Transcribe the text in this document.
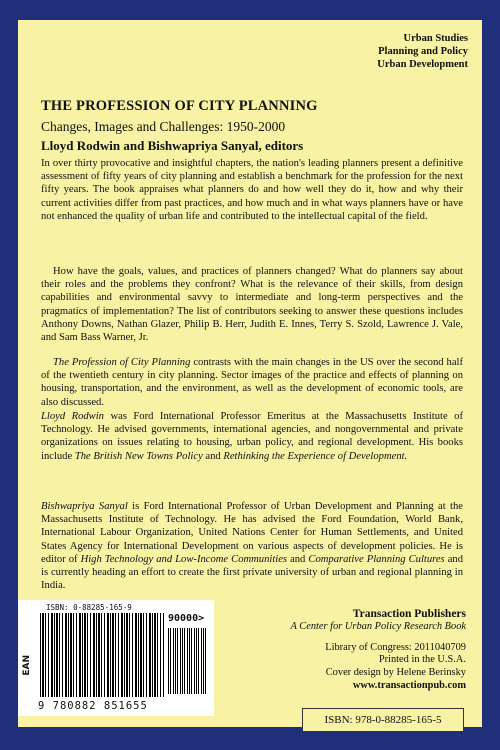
Urban Studies
Planning and Policy
Urban Development
THE PROFESSION OF CITY PLANNING
Changes, Images and Challenges: 1950-2000
Lloyd Rodwin and Bishwapriya Sanyal, editors
In over thirty provocative and insightful chapters, the nation's leading planners present a definitive assessment of fifty years of city planning and establish a benchmark for the profession for the next fifty years. The book appraises what planners do and how well they do it, how and why their current activities differ from past practices, and how much and in what ways planners have or have not enhanced the quality of urban life and contributed to the intellectual capital of the field.
How have the goals, values, and practices of planners changed? What do planners say about their roles and the problems they confront? What is the relevance of their skills, from design capabilities and environmental savvy to intermediate and long-term perspectives and the pragmatics of implementation? The list of contributors seeking to answer these questions includes Anthony Downs, Nathan Glazer, Philip B. Herr, Judith E. Innes, Terry S. Szold, Lawrence J. Vale, and Sam Bass Warner, Jr.
The Profession of City Planning contrasts with the main changes in the US over the second half of the twentieth century in city planning. Sector images of the practice and effects of planning on housing, transportation, and the environment, as well as the development of economic tools, are also discussed.
Lloyd Rodwin was Ford International Professor Emeritus at the Massachusetts Institute of Technology. He advised governments, international agencies, and nongovernmental and private organizations on issues relating to housing, urban policy, and regional development. His books include The British New Towns Policy and Rethinking the Experience of Development.
Bishwapriya Sanyal is Ford International Professor of Urban Development and Planning at the Massachusetts Institute of Technology. He has advised the Ford Foundation, World Bank, International Labour Organization, United Nations Center for Human Settlements, and United States Agency for International Development on various aspects of development policies. He is editor of High Technology and Low-Income Communities and Comparative Planning Cultures and is currently heading an effort to create the first private university of urban and regional planning in India.
Transaction Publishers
A Center for Urban Policy Research Book
Library of Congress: 2011040709
Printed in the U.S.A.
Cover design by Helene Berinsky
www.transactionpub.com
ISBN: 978-0-88285-165-5
ISBN: 0-88285-165-9
90000>
EAN
9 780882 851655
